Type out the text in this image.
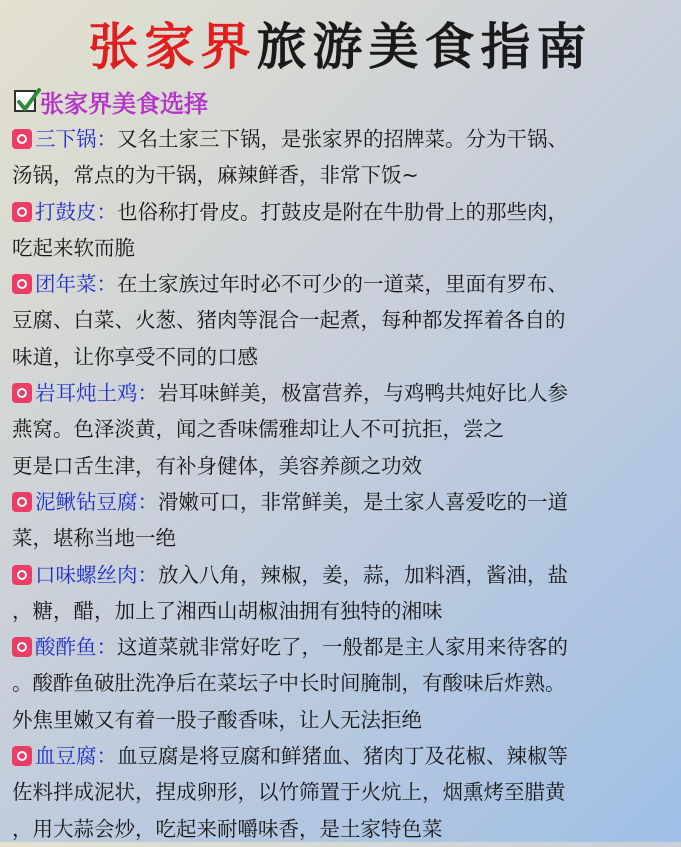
张家界 旅游美食指南
张家界美食选择
三下锅：又名土家三下锅，是张家界的招牌菜。分为干锅、
汤锅，常点的为干锅，麻辣鲜香，非常下饭~
打鼓皮：也俗称打骨皮。打鼓皮是附在牛肋骨上的那些肉，
吃起来软而脆
团年菜：在土家族过年时必不可少的一道菜，里面有罗布、
豆腐、白菜、火葱、猪肉等混合一起煮，每种都发挥着各自的
味道，让你享受不同的口感
岩耳炖土鸡：岩耳味鲜美，极富营养，与鸡鸭共炖好比人参
燕窝。色泽淡黄，闻之香味儒雅却让人不可抗拒，尝之
更是口舌生津，有补身健体，美容养颜之功效
泥鳅钻豆腐：滑嫩可口，非常鲜美，是土家人喜爱吃的一道
菜，堪称当地一绝
口味螺丝肉：放入八角，辣椒，姜，蒜，加料酒，酱油，盐
，糖，醋，加上了湘西山胡椒油拥有独特的湘味
酸酢鱼：这道菜就非常好吃了，一般都是主人家用来待客的
。酸酢鱼破肚洗净后在菜坛子中长时间腌制，有酸味后炸熟。
外焦里嫩又有着一股子酸香味，让人无法拒绝
血豆腐：血豆腐是将豆腐和鲜猪血、猪肉丁及花椒、辣椒等
佐料拌成泥状，捏成卵形，以竹筛置于火炕上，烟熏烤至腊黄
，用大蒜会炒，吃起来耐嚼味香，是土家特色菜
